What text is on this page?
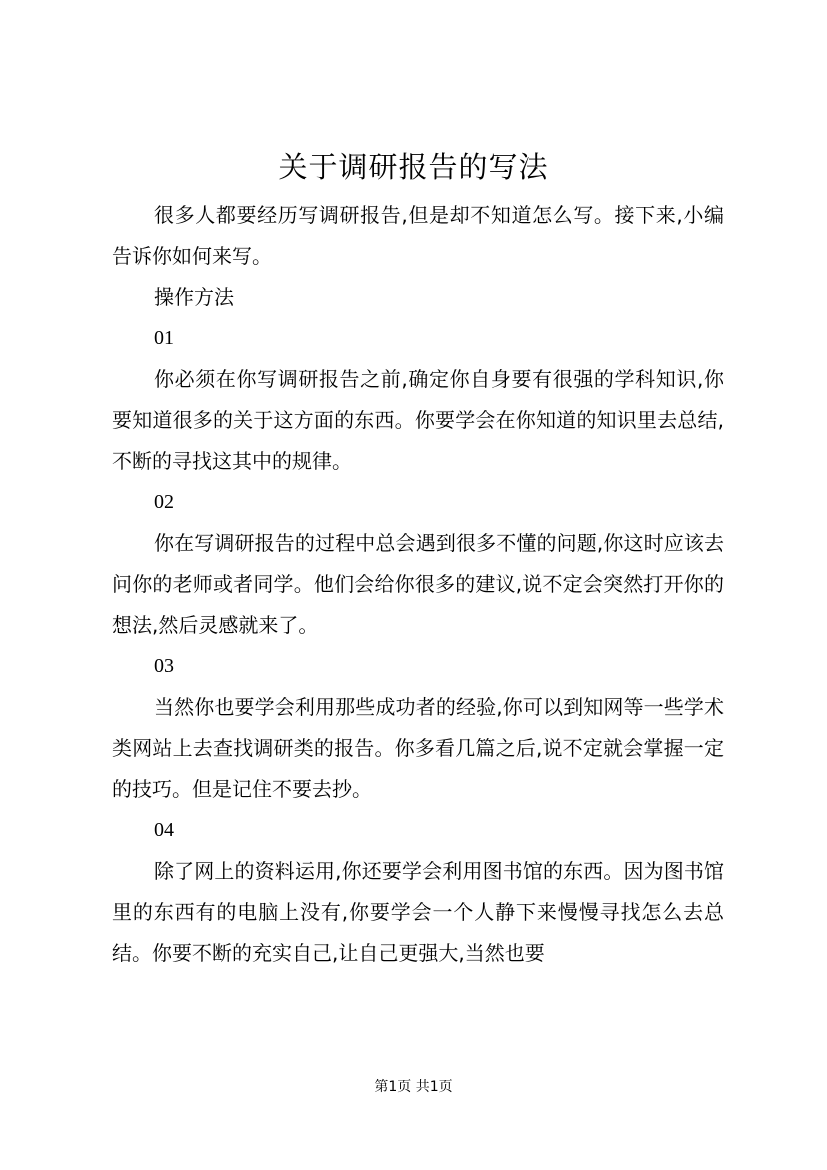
关于调研报告的写法

很多人都要经历写调研报告,但是却不知道怎么写。接下来,小编告诉你如何来写。

操作方法

01

你必须在你写调研报告之前,确定你自身要有很强的学科知识,你要知道很多的关于这方面的东西。你要学会在你知道的知识里去总结,不断的寻找这其中的规律。

02

你在写调研报告的过程中总会遇到很多不懂的问题,你这时应该去问你的老师或者同学。他们会给你很多的建议,说不定会突然打开你的想法,然后灵感就来了。

03

当然你也要学会利用那些成功者的经验,你可以到知网等一些学术类网站上去查找调研类的报告。你多看几篇之后,说不定就会掌握一定的技巧。但是记住不要去抄。

04

除了网上的资料运用,你还要学会利用图书馆的东西。因为图书馆里的东西有的电脑上没有,你要学会一个人静下来慢慢寻找怎么去总结。你要不断的充实自己,让自己更强大,当然也要

第1页 共1页
